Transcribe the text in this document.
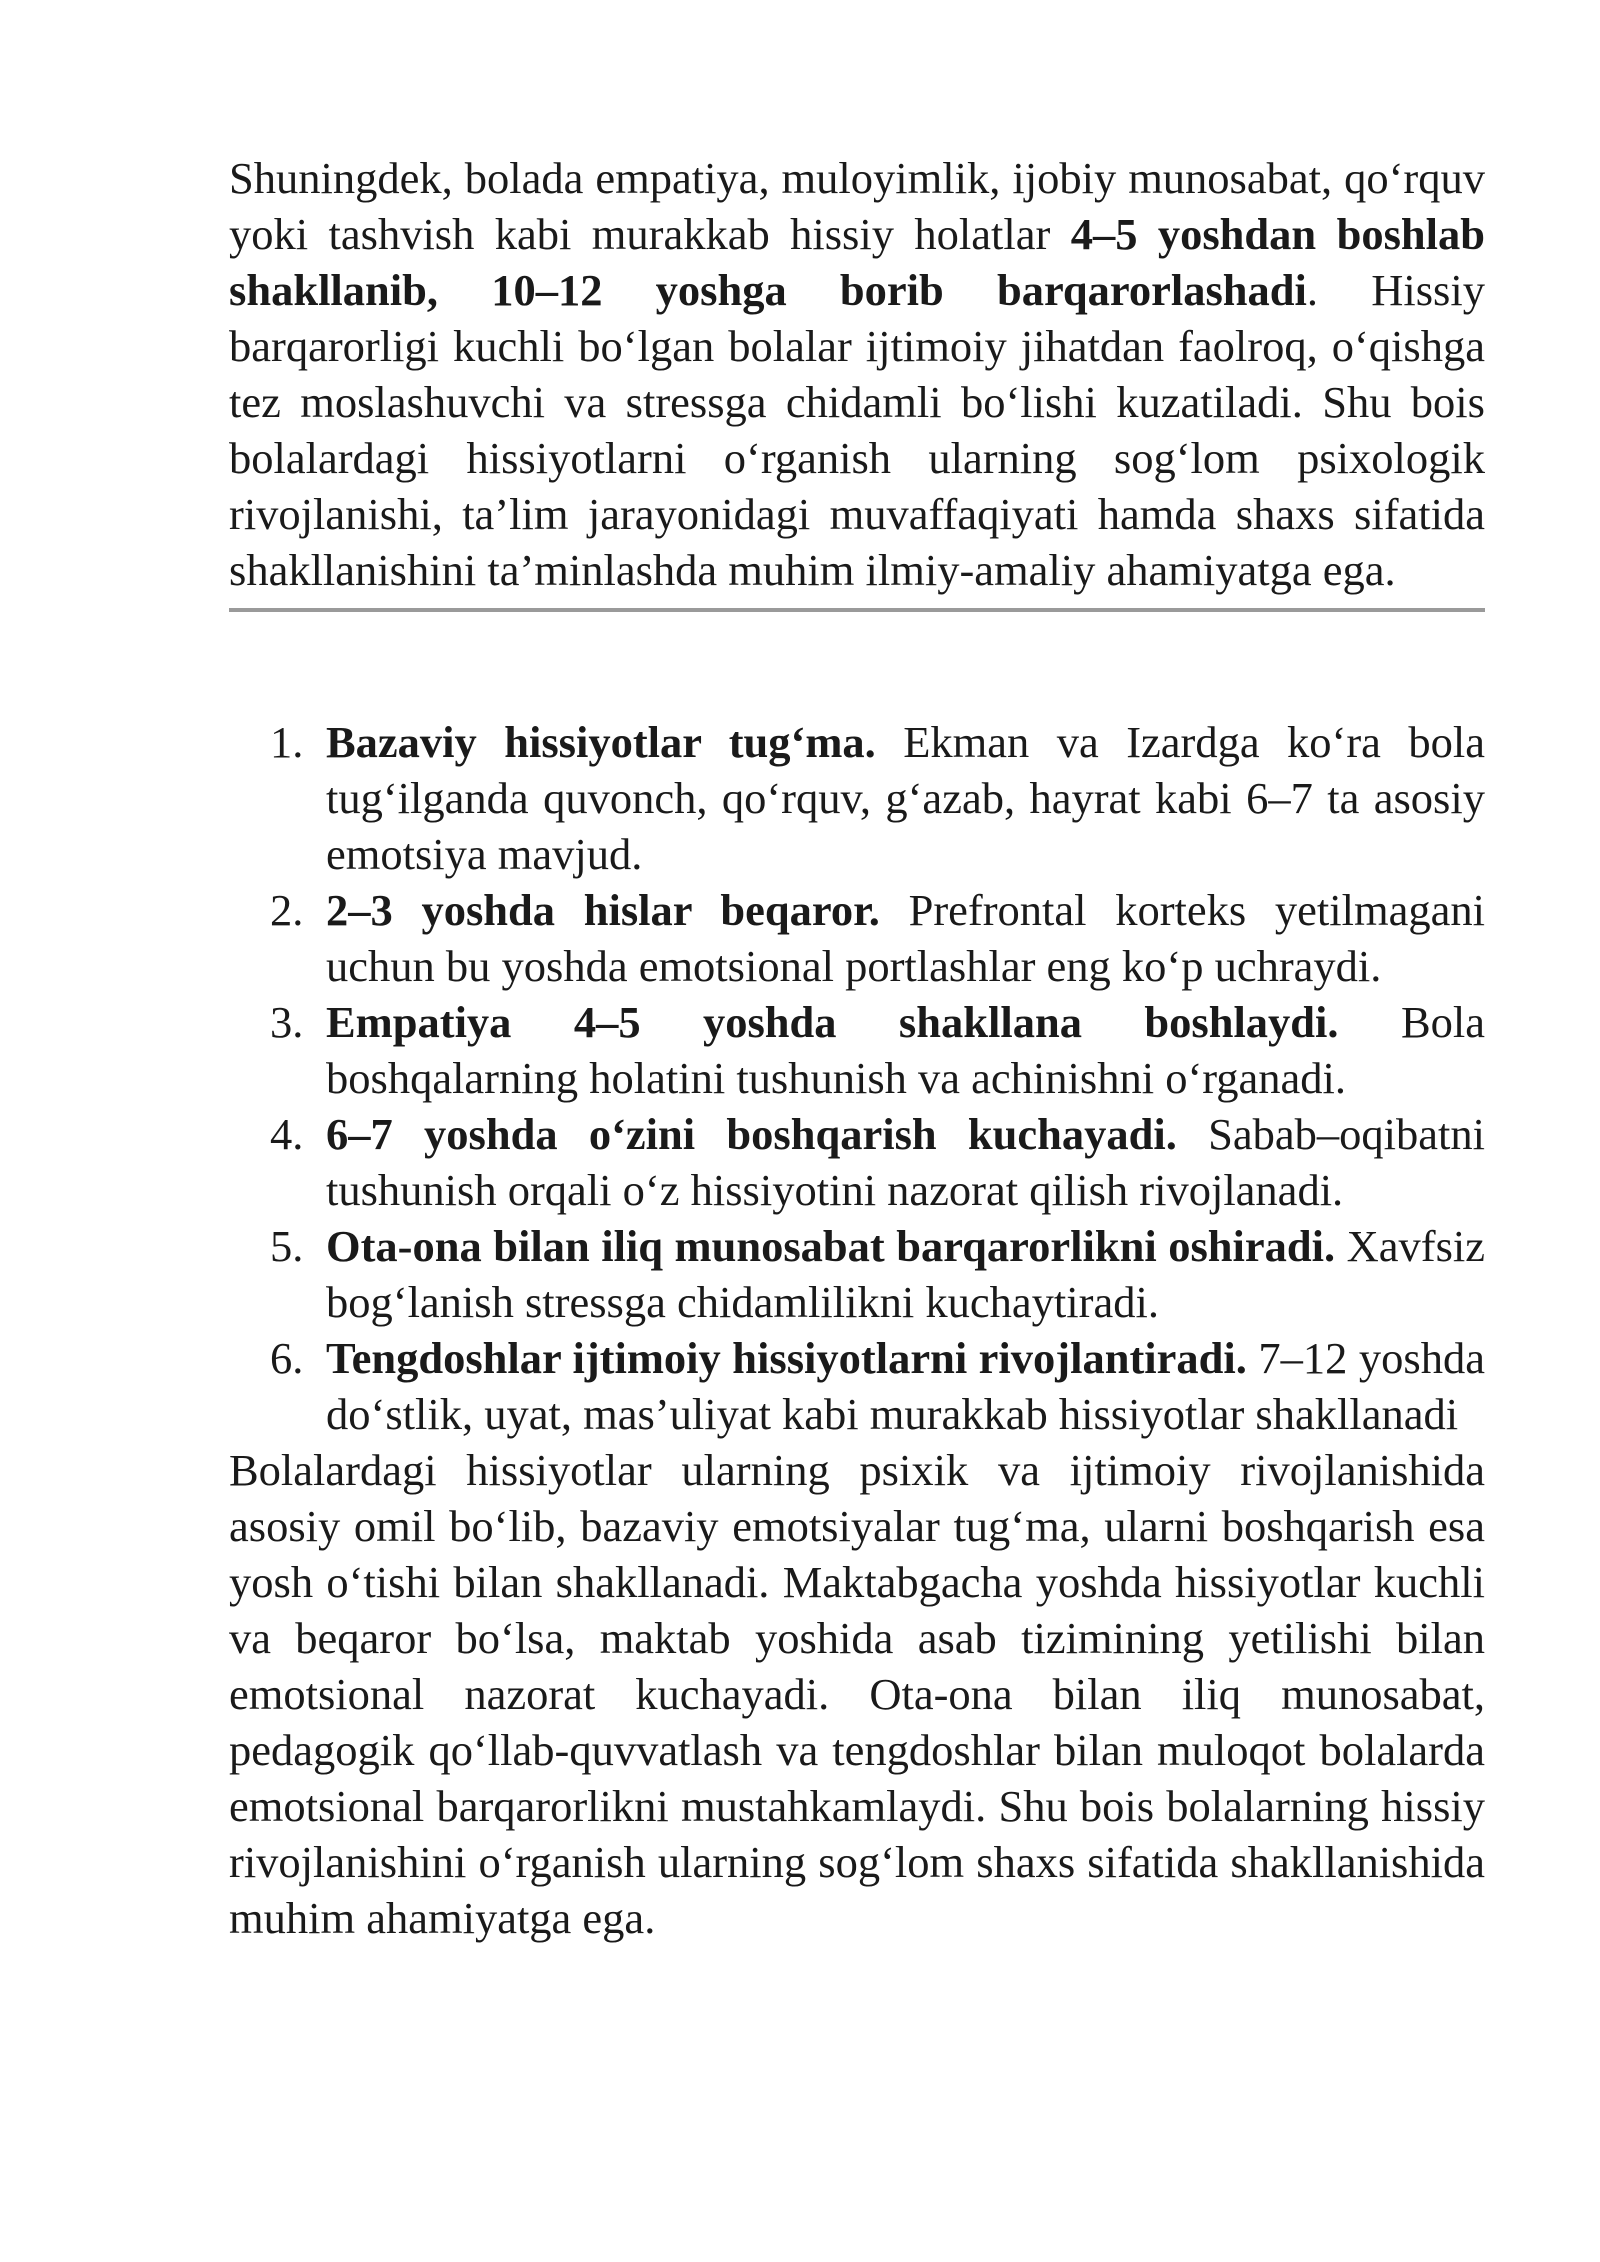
Shuningdek, bolada empatiya, muloyimlik, ijobiy munosabat, qo‘rquv yoki tashvish kabi murakkab hissiy holatlar 4–5 yoshdan boshlab shakllanib, 10–12 yoshga borib barqarorlashadi. Hissiy barqarorligi kuchli bo‘lgan bolalar ijtimoiy jihatdan faolroq, o‘qishga tez moslashuvchi va stressga chidamli bo‘lishi kuzatiladi. Shu bois bolalardagi hissiyotlarni o‘rganish ularning sog‘lom psixologik rivojlanishi, ta’lim jarayonidagi muvaffaqiyati hamda shaxs sifatida shakllanishini ta’minlashda muhim ilmiy-amaliy ahamiyatga ega.

1. Bazaviy hissiyotlar tug‘ma. Ekman va Izardga ko‘ra bola tug‘ilganda quvonch, qo‘rquv, g‘azab, hayrat kabi 6–7 ta asosiy emotsiya mavjud.
2. 2–3 yoshda hislar beqaror. Prefrontal korteks yetilmagani uchun bu yoshda emotsional portlashlar eng ko‘p uchraydi.
3. Empatiya 4–5 yoshda shakllana boshlaydi. Bola boshqalarning holatini tushunish va achinishni o‘rganadi.
4. 6–7 yoshda o‘zini boshqarish kuchayadi. Sabab–oqibatni tushunish orqali o‘z hissiyotini nazorat qilish rivojlanadi.
5. Ota-ona bilan iliq munosabat barqarorlikni oshiradi. Xavfsiz bog‘lanish stressga chidamlilikni kuchaytiradi.
6. Tengdoshlar ijtimoiy hissiyotlarni rivojlantiradi. 7–12 yoshda do‘stlik, uyat, mas’uliyat kabi murakkab hissiyotlar shakllanadi

Bolalardagi hissiyotlar ularning psixik va ijtimoiy rivojlanishida asosiy omil bo‘lib, bazaviy emotsiyalar tug‘ma, ularni boshqarish esa yosh o‘tishi bilan shakllanadi. Maktabgacha yoshda hissiyotlar kuchli va beqaror bo‘lsa, maktab yoshida asab tizimining yetilishi bilan emotsional nazorat kuchayadi. Ota-ona bilan iliq munosabat, pedagogik qo‘llab-quvvatlash va tengdoshlar bilan muloqot bolalarda emotsional barqarorlikni mustahkamlaydi. Shu bois bolalarning hissiy rivojlanishini o‘rganish ularning sog‘lom shaxs sifatida shakllanishida muhim ahamiyatga ega.
